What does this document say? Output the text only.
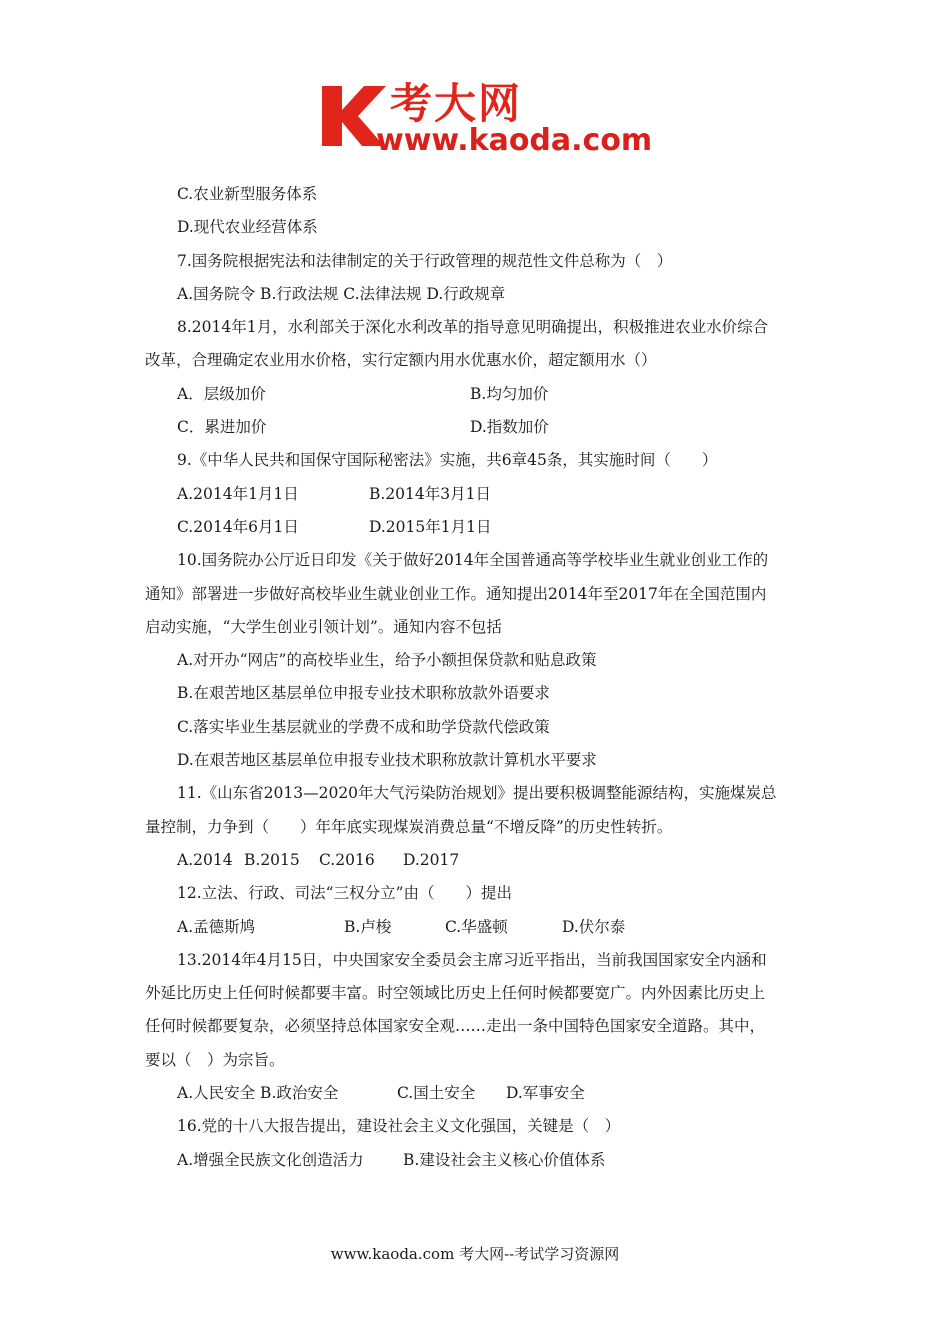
考大网
www.kaoda.com
C.农业新型服务体系
D.现代农业经营体系
7.国务院根据宪法和法律制定的关于行政管理的规范性文件总称为（　）
A.国务院令 B.行政法规 C.法律法规 D.行政规章
8.2014年1月，水利部关于深化水利改革的指导意见明确提出，积极推进农业水价综合
改革，合理确定农业用水价格，实行定额内用水优惠水价，超定额用水（）
A．层级加价	B.均匀加价
C．累进加价	D.指数加价
9.《中华人民共和国保守国际秘密法》实施，共6章45条，其实施时间（　　）
A.2014年1月1日	B.2014年3月1日
C.2014年6月1日	D.2015年1月1日
10.国务院办公厅近日印发《关于做好2014年全国普通高等学校毕业生就业创业工作的
通知》部署进一步做好高校毕业生就业创业工作。通知提出2014年至2017年在全国范围内
启动实施，“大学生创业引领计划”。通知内容不包括
A.对开办“网店”的高校毕业生，给予小额担保贷款和贴息政策
B.在艰苦地区基层单位申报专业技术职称放款外语要求
C.落实毕业生基层就业的学费不成和助学贷款代偿政策
D.在艰苦地区基层单位申报专业技术职称放款计算机水平要求
11.《山东省2013—2020年大气污染防治规划》提出要积极调整能源结构，实施煤炭总
量控制，力争到（　　）年年底实现煤炭消费总量“不增反降”的历史性转折。
A.2014 B.2015 C.2016 D.2017
12.立法、行政、司法“三权分立”由（　　）提出
A.孟德斯鸠	B.卢梭	C.华盛顿	D.伏尔泰
13.2014年4月15日，中央国家安全委员会主席习近平指出，当前我国国家安全内涵和
外延比历史上任何时候都要丰富。时空领域比历史上任何时候都要宽广。内外因素比历史上
任何时候都要复杂，必须坚持总体国家安全观……走出一条中国特色国家安全道路。其中，
要以（　）为宗旨。
A.人民安全 B.政治安全	C.国土安全 D.军事安全
16.党的十八大报告提出，建设社会主义文化强国，关键是（　）
A.增强全民族文化创造活力	B.建设社会主义核心价值体系
www.kaoda.com 考大网--考试学习资源网
